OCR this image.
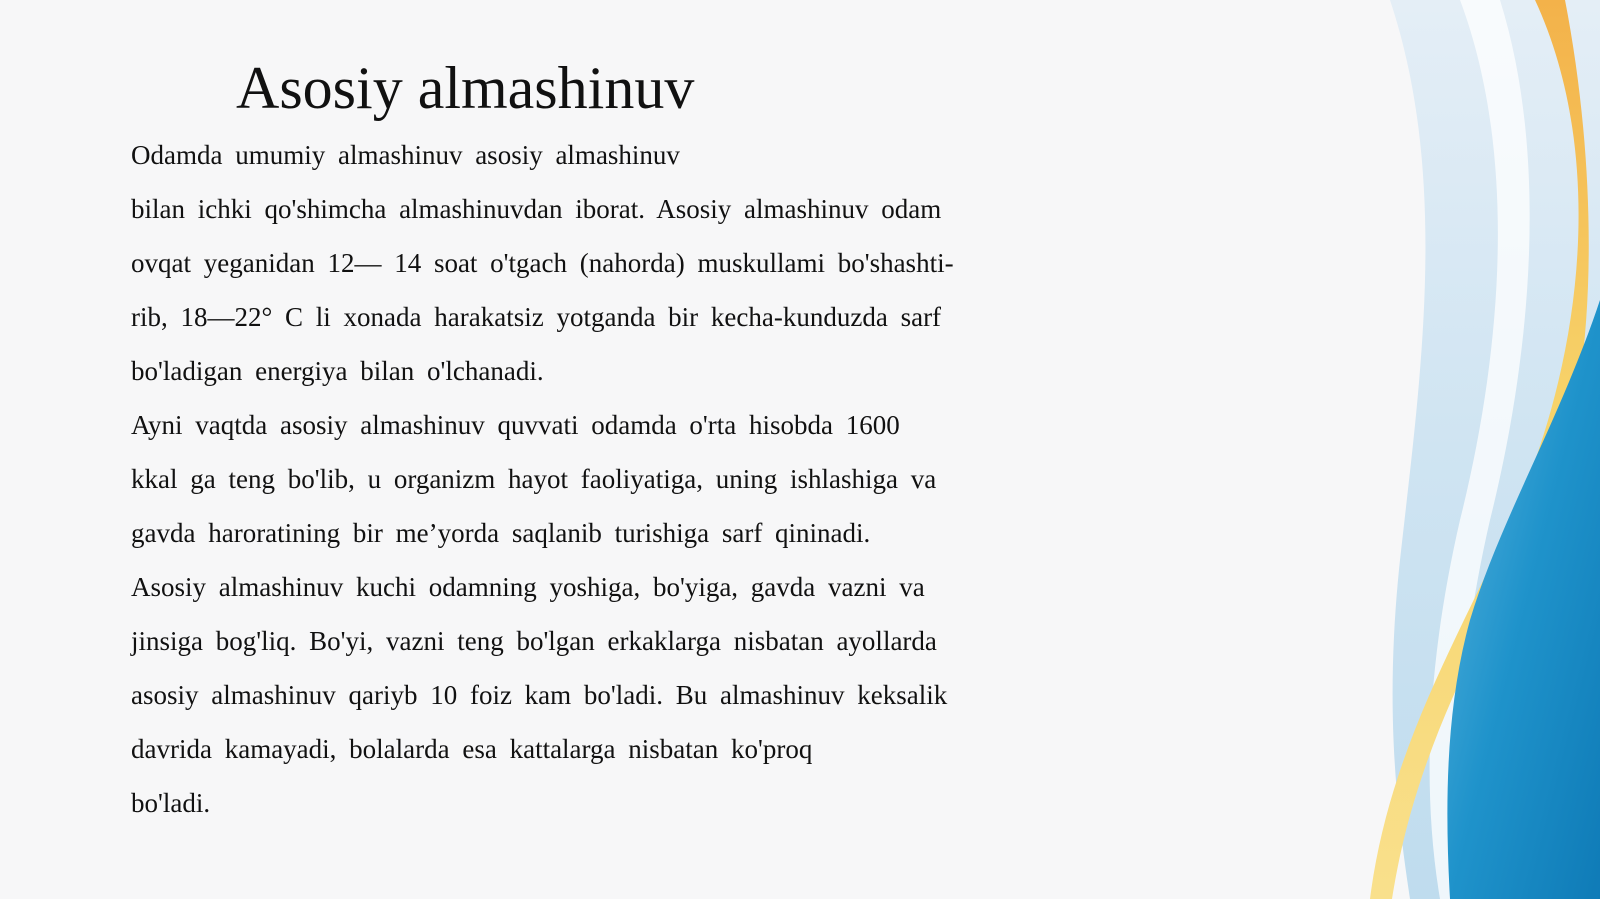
Asosiy almashinuv
Odamda umumiy almashinuv asosiy almashinuv
bilan ichki qo'shimcha almashinuvdan iborat. Asosiy almashinuv odam
ovqat yeganidan 12— 14 soat o'tgach (nahorda) muskullami bo'shashti-
rib, 18—22° C li xonada harakatsiz yotganda bir kecha-kunduzda sarf
bo'ladigan energiya bilan o'lchanadi.
Ayni vaqtda asosiy almashinuv quvvati odamda o'rta hisobda 1600
kkal ga teng bo'lib, u organizm hayot faoliyatiga, uning ishlashiga va
gavda haroratining bir me’yorda saqlanib turishiga sarf qininadi.
Asosiy almashinuv kuchi odamning yoshiga, bo'yiga, gavda vazni va
jinsiga bog'liq. Bo'yi, vazni teng bo'lgan erkaklarga nisbatan ayollarda
asosiy almashinuv qariyb 10 foiz kam bo'ladi. Bu almashinuv keksalik
davrida kamayadi, bolalarda esa kattalarga nisbatan ko'proq
bo'ladi.
